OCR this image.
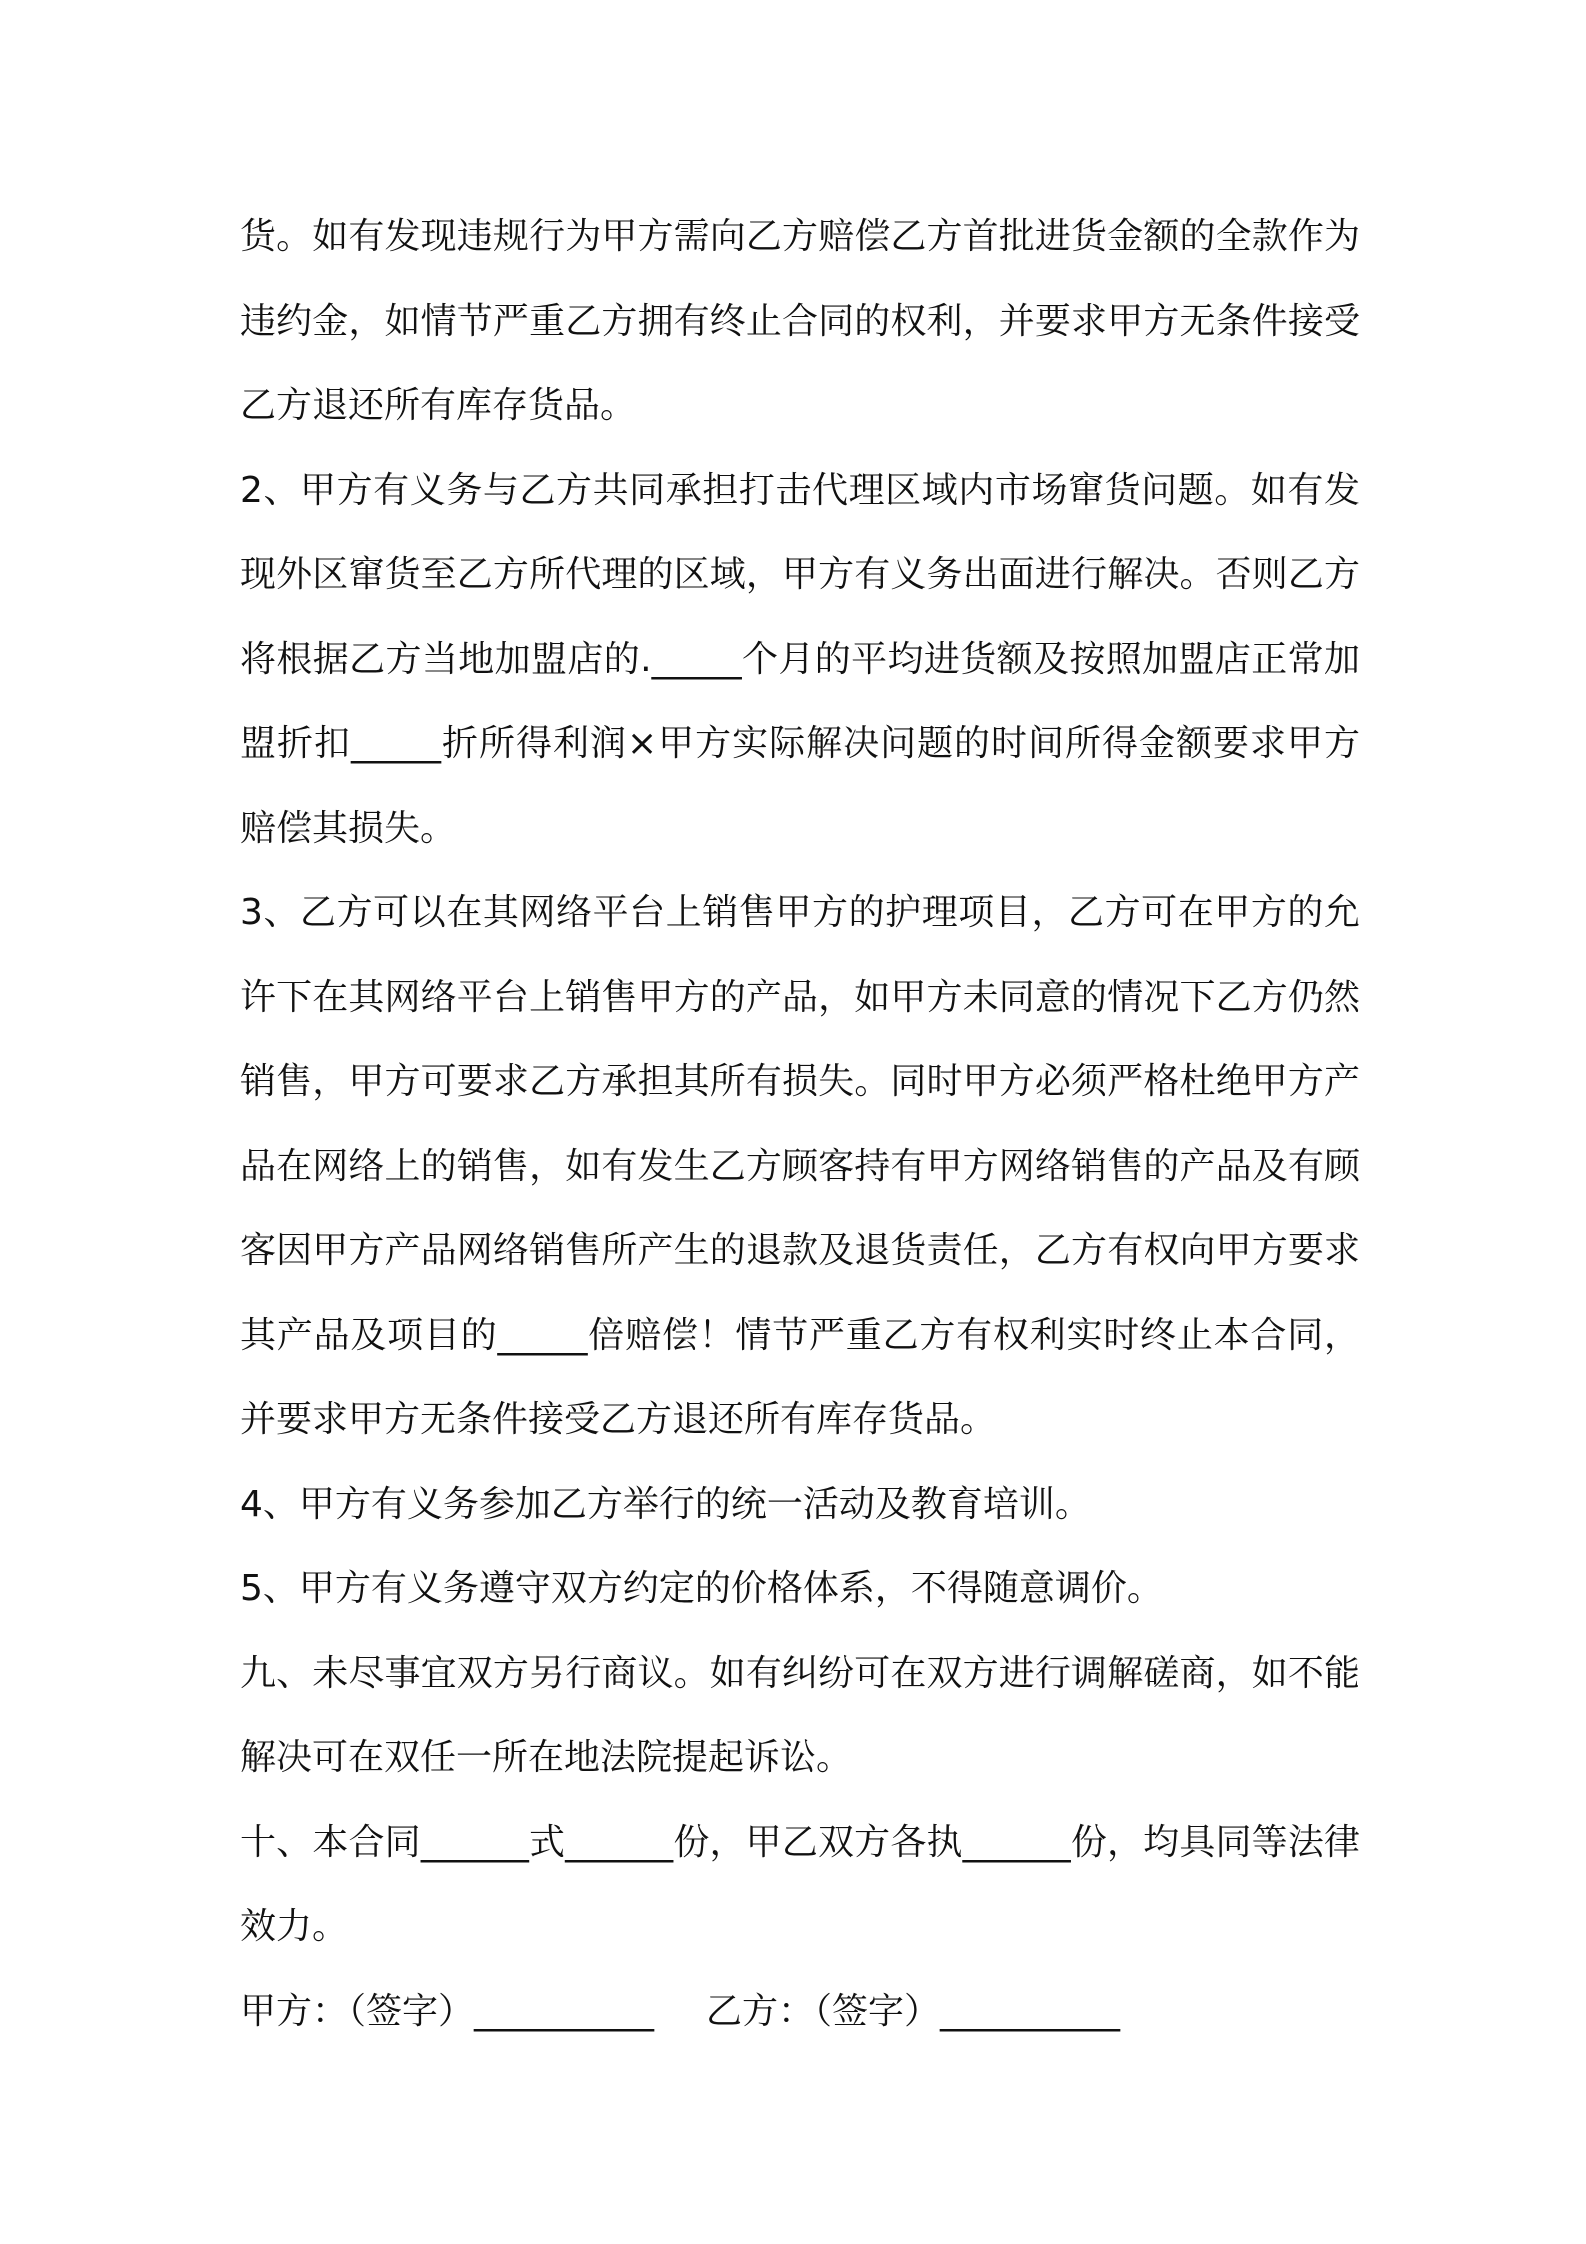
货。如有发现违规行为甲方需向乙方赔偿乙方首批进货金额的全款作为违约金，如情节严重乙方拥有终止合同的权利，并要求甲方无条件接受乙方退还所有库存货品。

2、甲方有义务与乙方共同承担打击代理区域内市场窜货问题。如有发现外区窜货至乙方所代理的区域，甲方有义务出面进行解决。否则乙方将根据乙方当地加盟店的._____个月的平均进货额及按照加盟店正常加盟折扣_____折所得利润×甲方实际解决问题的时间所得金额要求甲方赔偿其损失。

3、乙方可以在其网络平台上销售甲方的护理项目，乙方可在甲方的允许下在其网络平台上销售甲方的产品，如甲方未同意的情况下乙方仍然销售，甲方可要求乙方承担其所有损失。同时甲方必须严格杜绝甲方产品在网络上的销售，如有发生乙方顾客持有甲方网络销售的产品及有顾客因甲方产品网络销售所产生的退款及退货责任，乙方有权向甲方要求其产品及项目的_____倍赔偿！情节严重乙方有权利实时终止本合同，并要求甲方无条件接受乙方退还所有库存货品。

4、甲方有义务参加乙方举行的统一活动及教育培训。

5、甲方有义务遵守双方约定的价格体系，不得随意调价。

九、未尽事宜双方另行商议。如有纠纷可在双方进行调解磋商，如不能解决可在双任一所在地法院提起诉讼。

十、本合同______式______份，甲乙双方各执______份，均具同等法律效力。

甲方：（签字）__________ 乙方：（签字）__________
